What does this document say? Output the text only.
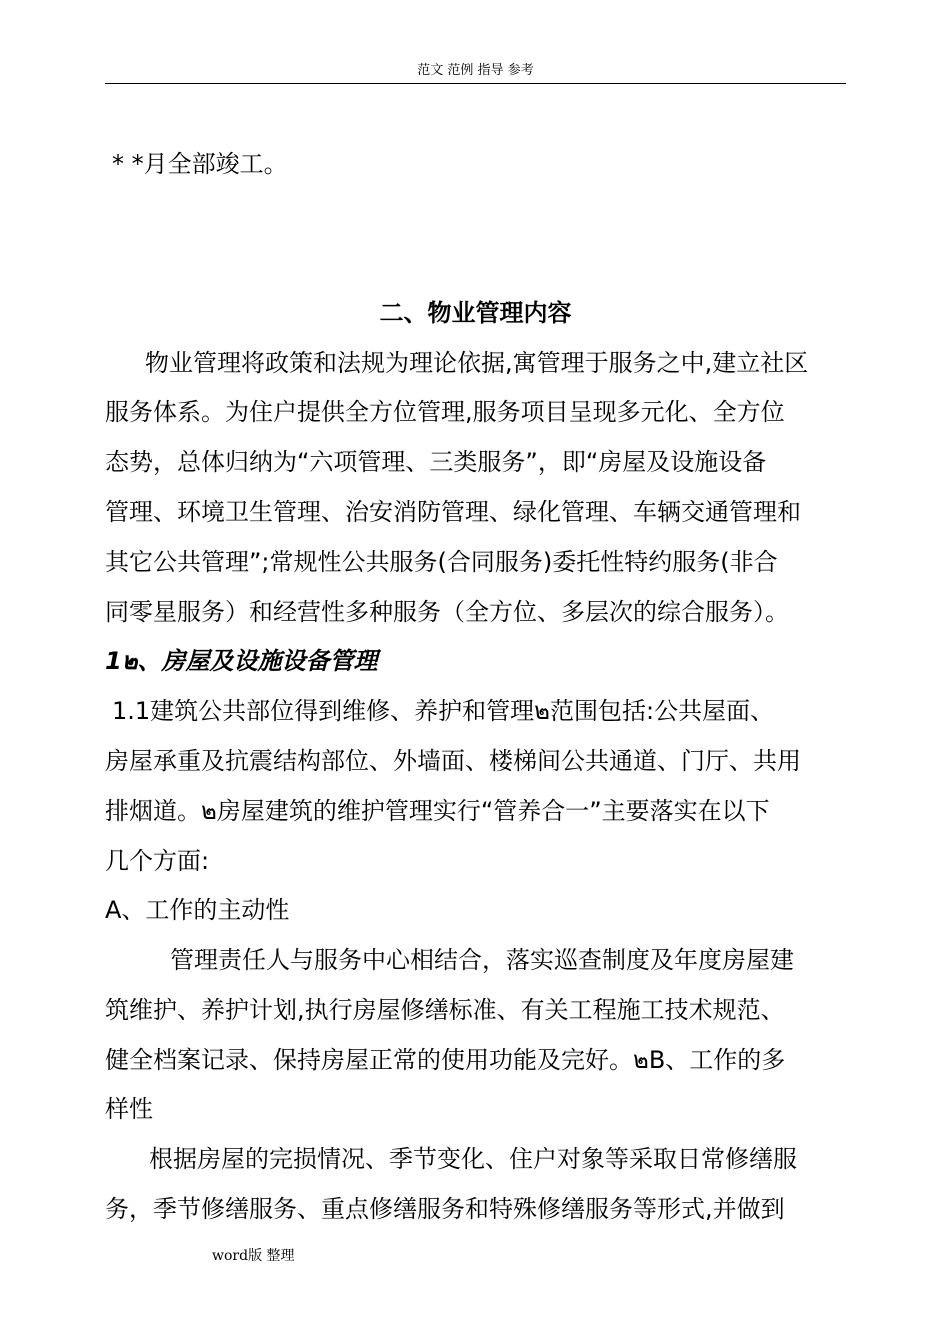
范文 范例 指导 参考
* *月全部竣工。
二、物业管理内容
物业管理将政策和法规为理论依据,寓管理于服务之中,建立社区
服务体系。为住户提供全方位管理,服务项目呈现多元化、全方位
态势，总体归纳为“六项管理、三类服务”，即“房屋及设施设备
管理、环境卫生管理、治安消防管理、绿化管理、车辆交通管理和
其它公共管理”;常规性公共服务(合同服务)委托性特约服务(非合
同零星服务）和经营性多种服务（全方位、多层次的综合服务）。
1๒、房屋及设施设备管理
1.1建筑公共部位得到维修、养护和管理๒范围包括:公共屋面、
房屋承重及抗震结构部位、外墙面、楼梯间公共通道、门厅、共用
排烟道。๒房屋建筑的维护管理实行“管养合一”主要落实在以下
几个方面:
A、工作的主动性
管理责任人与服务中心相结合，落实巡查制度及年度房屋建
筑维护、养护计划,执行房屋修缮标准、有关工程施工技术规范、
健全档案记录、保持房屋正常的使用功能及完好。๒B、工作的多
样性
根据房屋的完损情况、季节变化、住户对象等采取日常修缮服
务，季节修缮服务、重点修缮服务和特殊修缮服务等形式,并做到
word版 整理
